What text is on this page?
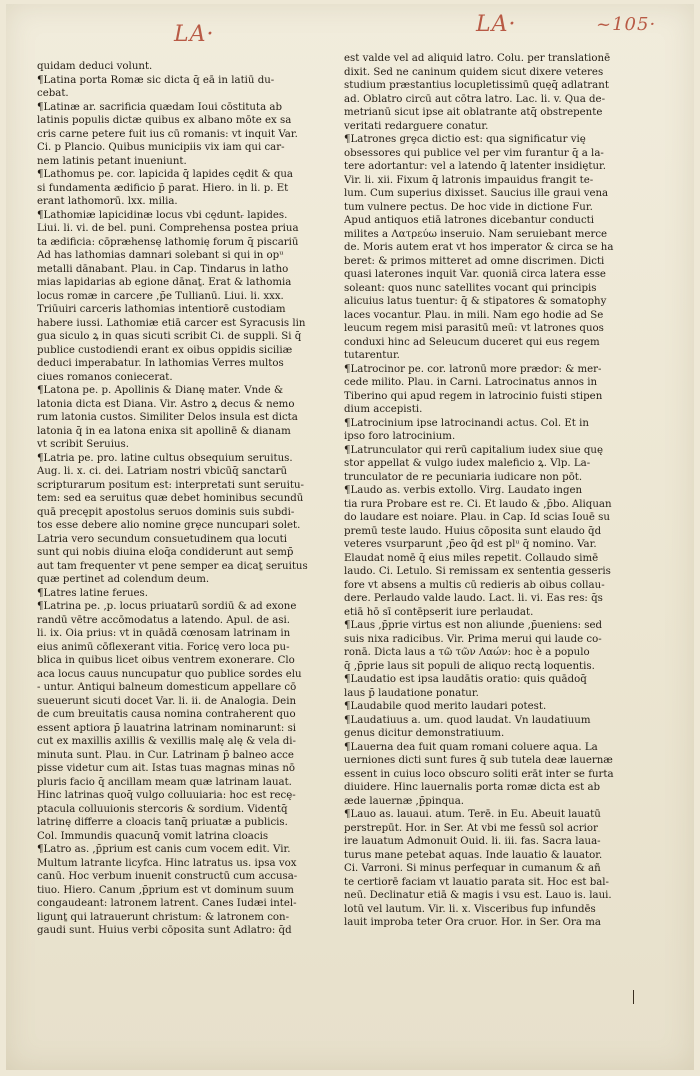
LA·	LA·	~105·
quidam deduci volunt.
¶Latina porta Romæ sic dicta q̄ eā in latiū du-
cebat.
¶Latinæ ar. sacrificia quædam Ioui cōstituta ab
latinis populis dictæ quibus ex albano mōte ex sa
cris carne petere fuit ius cū romanis: vt inquit Var.
Ci. p Plancio. Quibus municipiis vix iam qui car-
nem latinis petant inueniunt.
¶Lathomus pe. cor. lapicida q̄ lapides cędit & qua
si fundamenta ædificio p̄ parat. Hiero. in li. p. Et
erant lathomorū. lxx. milia.
¶Lathomiæ lapicidinæ locus vbi cęduntᵣ lapides.
Liui. li. vi. de bel. puni. Comprehensa postea priua
ta ædificia: cōpræhensę lathomię forum q̄ piscariū
Ad has lathomias damnari solebant si qui in opᵘ
metalli dānabant. Plau. in Cap. Tindarus in latho
mias lapidarias ab egione dānaṯ. Erat & lathomia
locus romæ in carcere ,p̄e Tullianū. Liui. li. xxx.
Triūuiri carceris lathomias intentiorē custodiam
habere iussi. Lathomiæ etiā carcer est Syracusis lin
gua siculo ꝝ in quas sicuti scribit Ci. de suppli. Si q̄
publice custodiendi erant ex oibus oppidis siciliæ
deduci imperabatur. In lathomias Verres multos
ciues romanos coniecerat.
¶Latona pe. p. Apollinis & Dianę mater. Vnde &
latonia dicta est Diana. Vir. Astro ꝝ decus & nemo
rum latonia custos. Similiter Delos insula est dicta
latonia q̄ in ea latona enixa sit apollinē & dianam
vt scribit Seruius.
¶Latria pe. pro. latine cultus obsequium seruitus.
Aug. li. x. ci. dei. Latriam nostri vbicūq̄ sanctarū
scripturarum positum est: interpretati sunt seruitu-
tem: sed ea seruitus quæ debet hominibus secundū
quā precępit apostolus seruos dominis suis subdi-
tos esse debere alio nomine grȩce nuncupari solet.
Latria vero secundum consuetudinem qua locuti
sunt qui nobis diuina eloq̄a condiderunt aut semp̄
aut tam frequenter vt pene semper ea dicaṯ seruitus
quæ pertinet ad colendum deum.
¶Latres latine ferues.
¶Latrina pe. ,p. locus priuatarū sordiū & ad exone
randū vētre accōmodatus a latendo. Apul. de asi.
li. ix. Oia prius: vt in quādā cœnosam latrinam in
eius animū cōflexerant vitia. Foricę vero loca pu-
blica in quibus licet oibus ventrem exonerare. Clo
aca locus cauus nuncupatur quo publice sordes elu
- untur. Antiqui balneum domesticum appellare cō
sueuerunt sicuti docet Var. li. ii. de Analogia. Dein
de cum breuitatis causa nomina contraherent quo
essent aptiora p̄ lauatrina latrinam nominarunt: si
cut ex maxillis axillis & vexillis malę alę & vela di-
minuta sunt. Plau. in Cur. Latrinam p̄ balneo acce
pisse videtur cum ait. Istas tuas magnas minas nō
pluris facio q̄ ancillam meam quæ latrinam lauat.
Hinc latrinas quoq̄ vulgo colluuiaria: hoc est recę-
ptacula colluuionis stercoris & sordium. Videntq̄
latrinę differre a cloacis tanq̄ priuatæ a publicis.
Col. Immundis quacunq̄ vomit latrina cloacis
¶Latro as. ,p̄prium est canis cum vocem edit. Vir.
Multum latrante licyfca. Hinc latratus us. ipsa vox
canū. Hoc verbum inuenit constructū cum accusa-
tiuo. Hiero. Canum ,p̄prium est vt dominum suum
congaudeant: latronem latrent. Canes Iudæi intel-
ligunṯ qui latrauerunt christum: & latronem con-
gaudi sunt. Huius verbi cōposita sunt Adlatro: q̄d
est valde vel ad aliquid latro. Colu. per translationē
dixit. Sed ne caninum quidem sicut dixere veteres
studium præstantius locupletissimū quęq̄ adlatrant
ad. Oblatro circū aut cōtra latro. Lac. li. v. Qua de-
metrianū sicut ipse ait oblatrante atq̄ obstrepente
veritati redarguere conatur.
¶Latrones grȩca dictio est: qua significatur vię
obsessores qui publice vel per vim furantur q̄ a la-
tere adortantur: vel a latendo q̄ latenter insidiętur.
Vir. li. xii. Fixum q̄ latronis impauidus frangit te-
lum. Cum superius dixisset. Saucius ille graui vena
tum vulnere pectus. De hoc vide in dictione Fur.
Apud antiquos etiā latrones dicebantur conducti
milites a Λατρεύω inseruio. Nam seruiebant merce
de. Moris autem erat vt hos imperator & circa se ha
beret: & primos mitteret ad omne discrimen. Dicti
quasi laterones inquit Var. quoniā circa latera esse
soleant: quos nunc satellites vocant qui principis
alicuius latus tuentur: q̄ & stipatores & somatophy
laces vocantur. Plau. in mili. Nam ego hodie ad Se
leucum regem misi parasitū meū: vt latrones quos
conduxi hinc ad Seleucum duceret qui eus regem
tutarentur.
¶Latrocinor pe. cor. latronū more prædor: & mer-
cede milito. Plau. in Carni. Latrocinatus annos in
Tiberino qui apud regem in latrocinio fuisti stipen
dium accepisti.
¶Latrocinium ipse latrocinandi actus. Col. Et in
ipso foro latrocinium.
¶Latrunculator qui rerū capitalium iudex siue quę
stor appellat & vulgo iudex maleficio ꝝ. Vlp. La-
trunculator de re pecuniaria iudicare non pōt.
¶Laudo as. verbis extollo. Virg. Laudato ingen
tia rura Probare est re. Ci. Et laudo & ,p̄bo. Aliquan
do laudare est noiare. Plau. in Cap. Id scias Iouē su
premū teste laudo. Huius cōposita sunt elaudo q̄d
veteres vsurparunt ,p̄eo q̄d est plᵘ q̄ nomino. Var.
Elaudat nomē q̄ eius miles repetit. Collaudo simē
laudo. Ci. Letulo. Si remissam ex sententia gesseris
fore vt absens a multis cū redieris ab oibus collau-
dere. Perlaudo valde laudo. Lact. li. vi. Eas res: q̄s
etiā hō sī contēpserit iure perlaudat.
¶Laus ,p̄prie virtus est non aliunde ,p̄ueniens: sed
suis nixa radicibus. Vir. Prima merui qui laude co-
ronā. Dicta laus a τῶ τῶν Λαών: hoc è a populo
q̄ ,p̄prie laus sit populi de aliquo rectą loquentis.
¶Laudatio est ipsa laudātis oratio: quis quādoq̄
laus p̄ laudatione ponatur.
¶Laudabile quod merito laudari potest.
¶Laudatiuus a. um. quod laudat. Vn laudatiuum
genus dicitur demonstratiuum.
¶Lauerna dea fuit quam romani coluere aqua. La
uerniones dicti sunt fures q̄ sub tutela deæ lauernæ
essent in cuius loco obscuro soliti erāt inter se furta
diuidere. Hinc lauernalis porta romæ dicta est ab
æde lauernæ ,p̄pinqua.
¶Lauo as. lauaui. atum. Terē. in Eu. Abeuit lauatū
perstrepūt. Hor. in Ser. At vbi me fessū sol acrior
ire lauatum Admonuit Ouid. li. iii. fas. Sacra laua-
turus mane petebat aquas. Inde lauatio & lauator.
Ci. Varroni. Si minus perfequar in cumanum & añ
te certiorē faciam vt lauatio parata sit. Hoc est bal-
neū. Declinatur etiā & magis i vsu est. Lauo is. laui.
lotū vel lautum. Vir. li. x. Visceribus fup infundēs
lauit improba teter Ora cruor. Hor. in Ser. Ora ma
